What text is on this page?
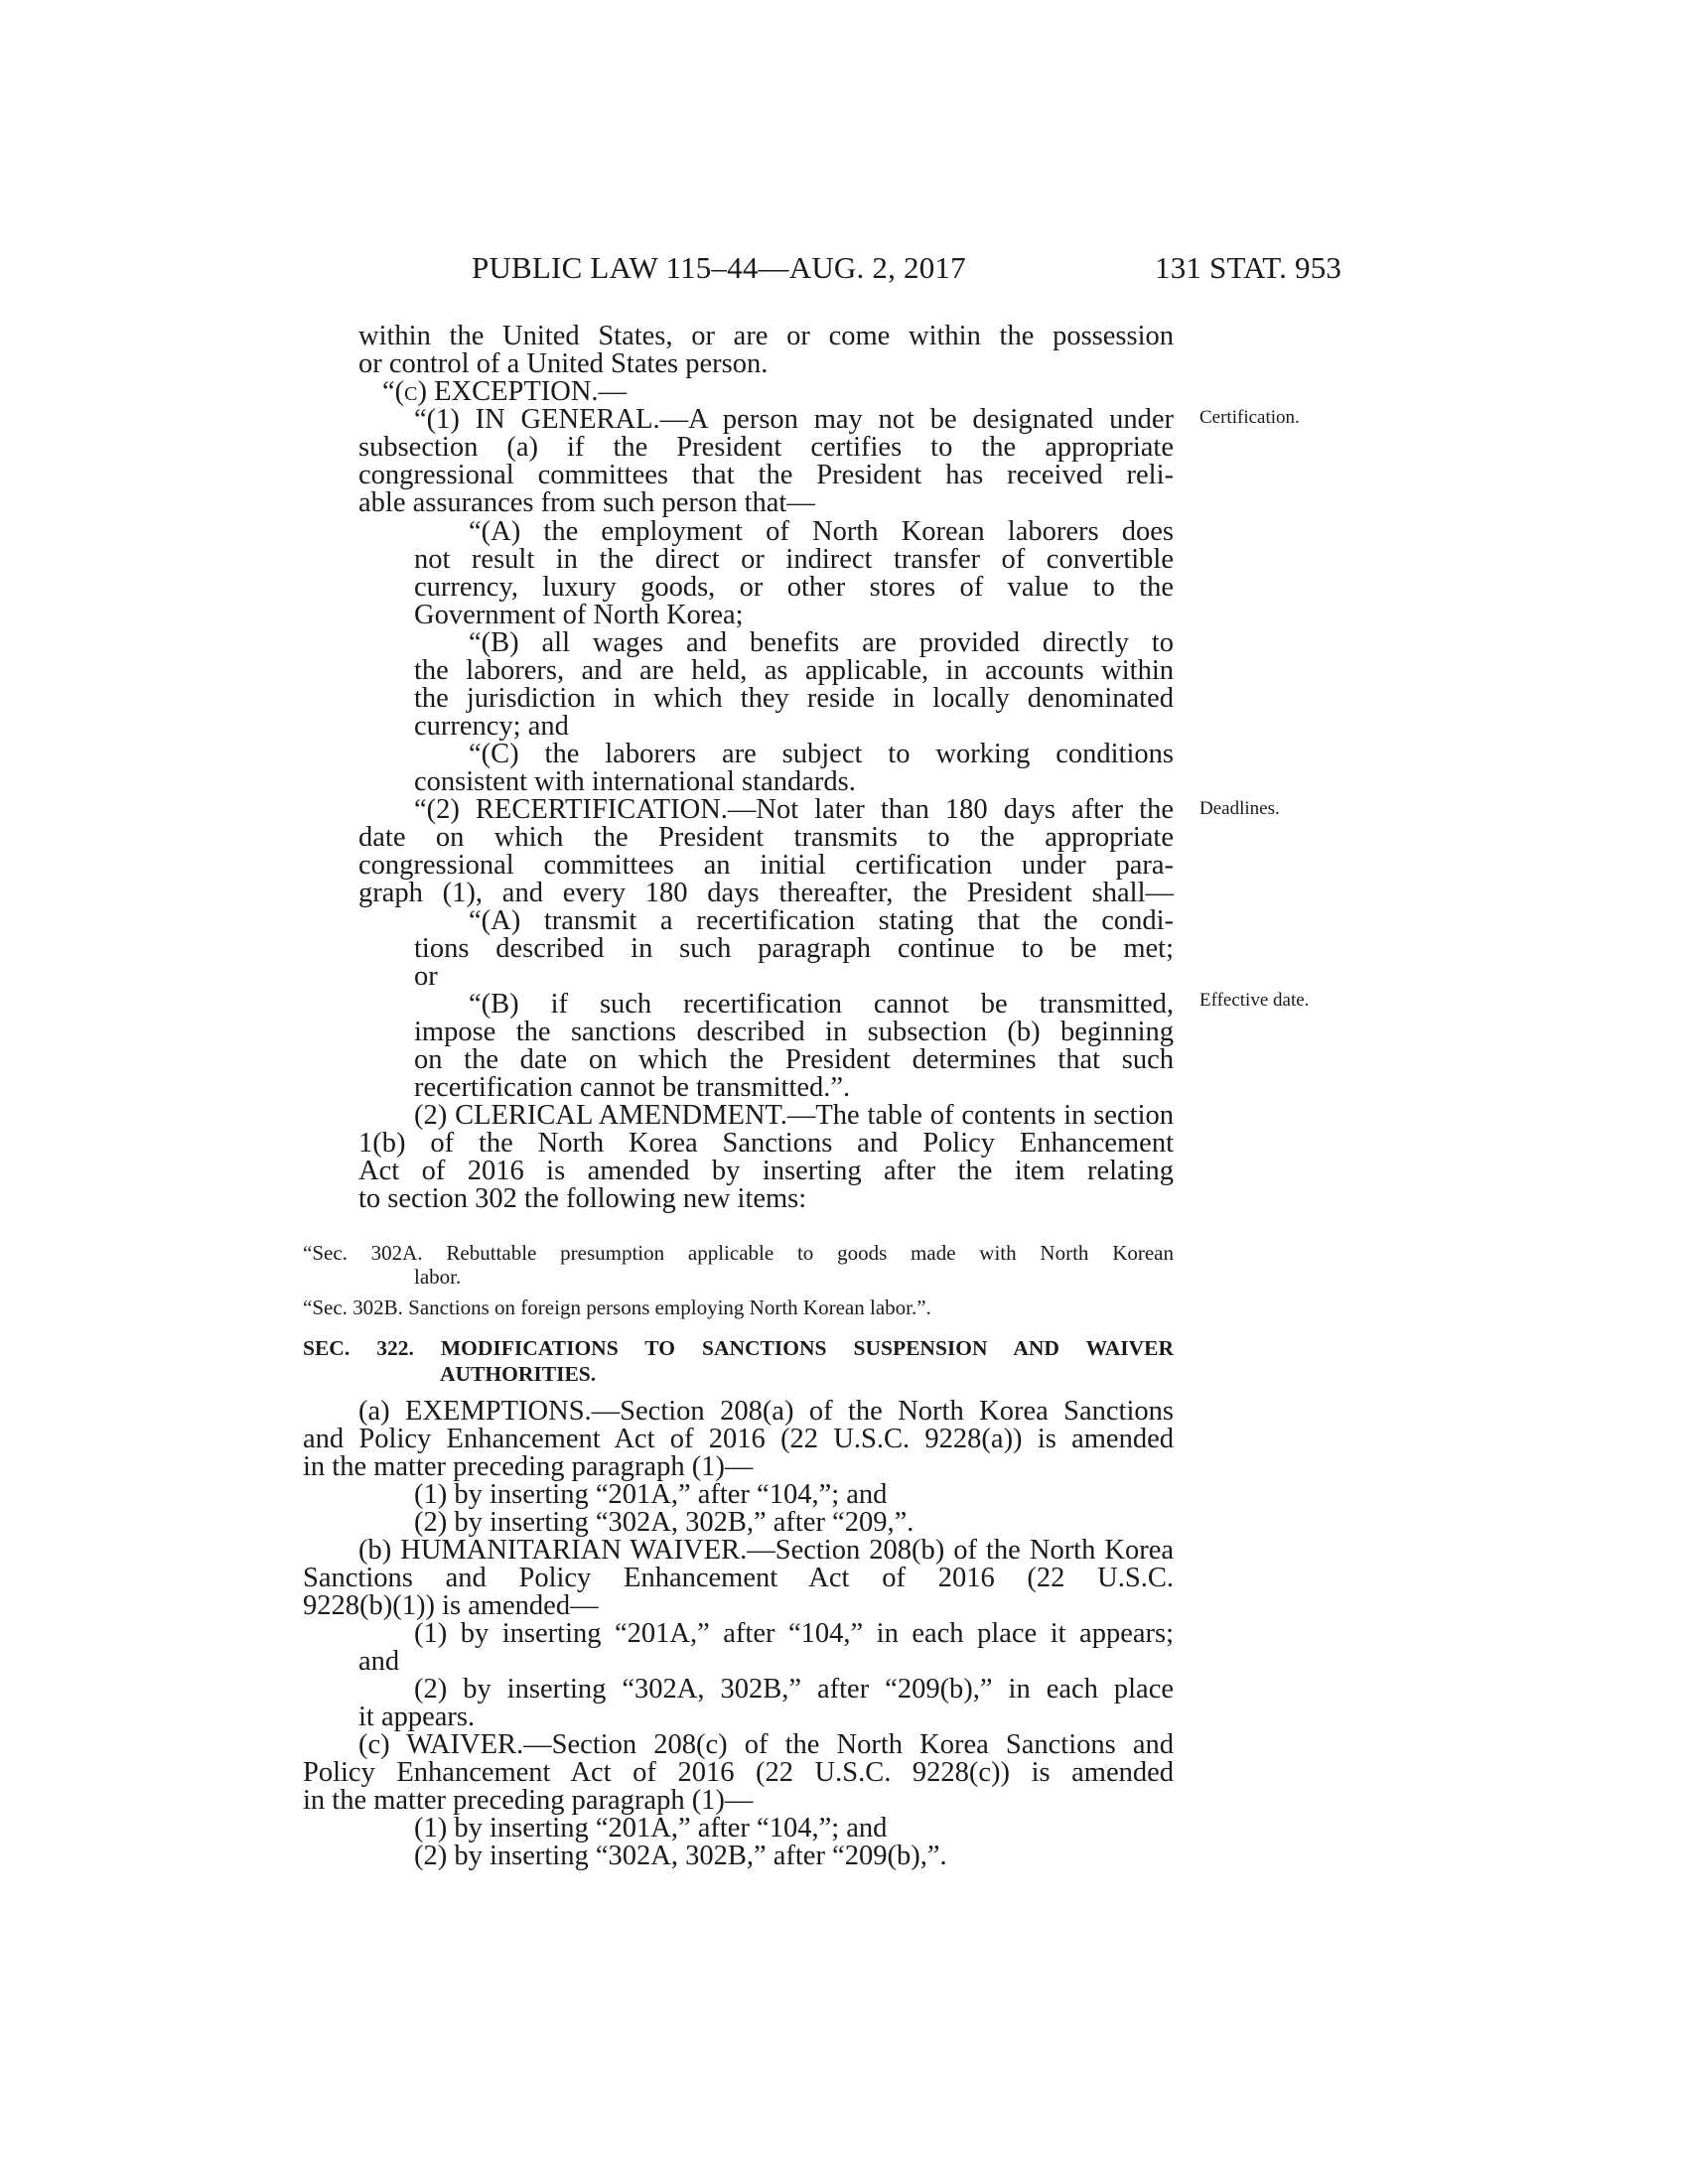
PUBLIC LAW 115–44—AUG. 2, 2017	131 STAT. 953
Certification.
Deadlines.
Effective date.
within the United States, or are or come within the possession
or control of a United States person.
“(c) EXCEPTION.—
“(1) IN GENERAL.—A person may not be designated under
subsection (a) if the President certifies to the appropriate
congressional committees that the President has received reli-
able assurances from such person that—
“(A) the employment of North Korean laborers does
not result in the direct or indirect transfer of convertible
currency, luxury goods, or other stores of value to the
Government of North Korea;
“(B) all wages and benefits are provided directly to
the laborers, and are held, as applicable, in accounts within
the jurisdiction in which they reside in locally denominated
currency; and
“(C) the laborers are subject to working conditions
consistent with international standards.
“(2) RECERTIFICATION.—Not later than 180 days after the
date on which the President transmits to the appropriate
congressional committees an initial certification under para-
graph (1), and every 180 days thereafter, the President shall—
“(A) transmit a recertification stating that the condi-
tions described in such paragraph continue to be met;
or
“(B) if such recertification cannot be transmitted,
impose the sanctions described in subsection (b) beginning
on the date on which the President determines that such
recertification cannot be transmitted.”.
(2) CLERICAL AMENDMENT.—The table of contents in section
1(b) of the North Korea Sanctions and Policy Enhancement
Act of 2016 is amended by inserting after the item relating
to section 302 the following new items:
“Sec. 302A. Rebuttable presumption applicable to goods made with North Korean
labor.
“Sec. 302B. Sanctions on foreign persons employing North Korean labor.”.
SEC. 322. MODIFICATIONS TO SANCTIONS SUSPENSION AND WAIVER
AUTHORITIES.
(a) EXEMPTIONS.—Section 208(a) of the North Korea Sanctions
and Policy Enhancement Act of 2016 (22 U.S.C. 9228(a)) is amended
in the matter preceding paragraph (1)—
(1) by inserting “201A,” after “104,”; and
(2) by inserting “302A, 302B,” after “209,”.
(b) HUMANITARIAN WAIVER.—Section 208(b) of the North Korea
Sanctions and Policy Enhancement Act of 2016 (22 U.S.C.
9228(b)(1)) is amended—
(1) by inserting “201A,” after “104,” in each place it appears;
and
(2) by inserting “302A, 302B,” after “209(b),” in each place
it appears.
(c) WAIVER.—Section 208(c) of the North Korea Sanctions and
Policy Enhancement Act of 2016 (22 U.S.C. 9228(c)) is amended
in the matter preceding paragraph (1)—
(1) by inserting “201A,” after “104,”; and
(2) by inserting “302A, 302B,” after “209(b),”.
